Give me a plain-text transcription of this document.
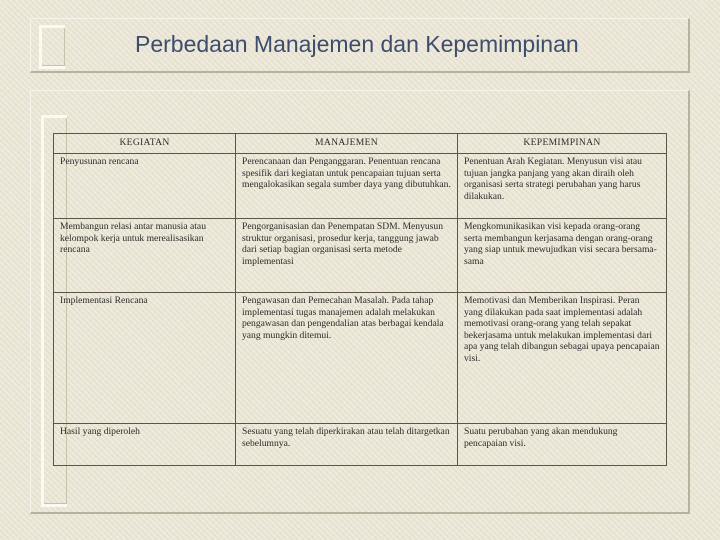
Perbedaan Manajemen dan Kepemimpinan
KEGIATAN	MANAJEMEN	KEPEMIMPINAN
Penyusunan rencana	Perencanaan dan Penganggaran. Penentuan rencana spesifik dari kegiatan untuk pencapaian tujuan serta mengalokasikan segala sumber daya yang dibutuhkan.	Penentuan Arah Kegiatan. Menyusun visi atau tujuan jangka panjang yang akan diraih oleh organisasi serta strategi perubahan yang harus dilakukan.
Membangun relasi antar manusia atau kelompok kerja untuk merealisasikan rencana	Pengorganisasian dan Penempatan SDM. Menyusun struktur organisasi, prosedur kerja, tanggung jawab dari setiap bagian organisasi serta metode implementasi	Mengkomunikasikan visi kepada orang-orang serta membangun kerjasama dengan orang-orang yang siap untuk mewujudkan visi secara bersama-sama
Implementasi Rencana	Pengawasan dan Pemecahan Masalah. Pada tahap implementasi tugas manajemen adalah melakukan pengawasan dan pengendalian atas berbagai kendala yang mungkin ditemui.	Memotivasi dan Memberikan Inspirasi. Peran yang dilakukan pada saat implementasi adalah memotivasi orang-orang yang telah sepakat bekerjasama untuk melakukan implementasi dari apa yang telah dibangun sebagai upaya pencapaian visi.
Hasil yang diperoleh	Sesuatu yang telah diperkirakan atau telah ditargetkan sebelumnya.	Suatu perubahan yang akan mendukung pencapaian visi.
